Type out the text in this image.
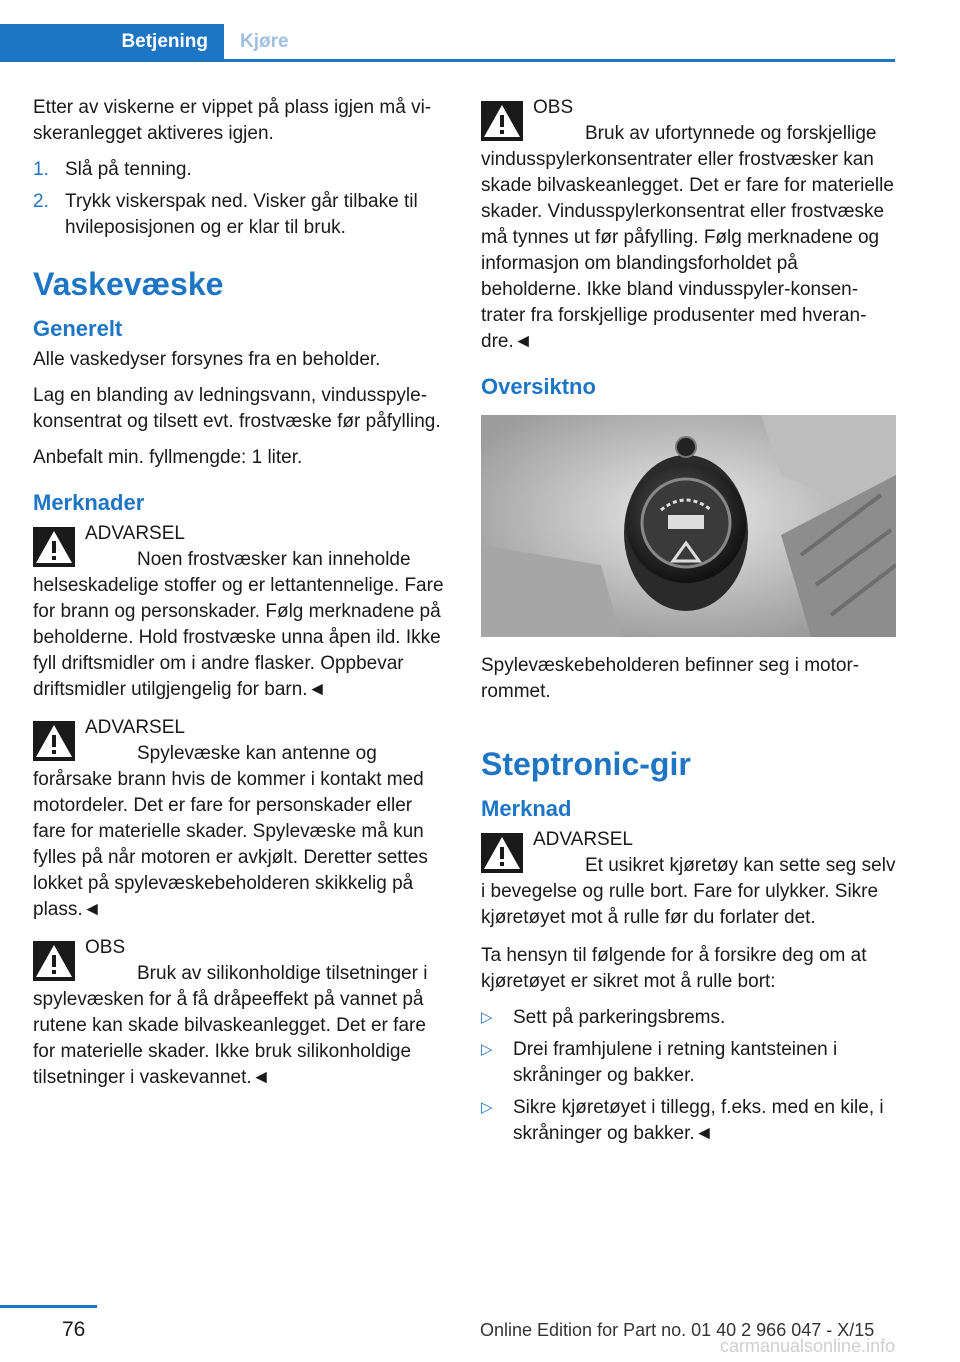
Betjening	Kjøre

Etter av viskerne er vippet på plass igjen må viskeranlegget aktiveres igjen.

1. Slå på tenning.
2. Trykk viskerspak ned. Visker går tilbake til hvileposisjonen og er klar til bruk.
Vaskevæske
Generelt

Alle vaskedyser forsynes fra en beholder.

Lag en blanding av ledningsvann, vindusspylekonsentrat og tilsett evt. frostvæske før påfylling.

Anbefalt min. fyllmengde: 1 liter.

Merknader
ADVARSEL
Noen frostvæsker kan inneholde helseskadelige stoffer og er lettantennelige. Fare for brann og personskader. Følg merknadene på beholderne. Hold frostvæske unna åpen ild. Ikke fyll driftsmidler om i andre flasker. Oppbevar driftsmidler utilgjengelig for barn.◄
ADVARSEL
Spylevæske kan antenne og forårsake brann hvis de kommer i kontakt med motordeler. Det er fare for personskader eller fare for materielle skader. Spylevæske må kun fylles på når motoren er avkjølt. Deretter settes lokket på spylevæskebeholderen skikkelig på plass.◄
OBS
Bruk av silikonholdige tilsetninger i spylevæsken for å få dråpeeffekt på vannet på rutene kan skade bilvaskeanlegget. Det er fare for materielle skader. Ikke bruk silikonholdige tilsetninger i vaskevannet.◄
OBS
Bruk av ufortynnede og forskjellige vindusspylerkonsentrater eller frostvæsker kan skade bilvaskeanlegget. Det er fare for materielle skader. Vindusspylerkonsentrat eller frostvæske må tynnes ut før påfylling. Følg merknadene og informasjon om blandingsforholdet på beholderne. Ikke bland vindusspyler-konsentrater fra forskjellige produsenter med hverandre.◄
Oversiktno

Spylevæskebeholderen befinner seg i motorrommet.

Steptronic-gir
Merknad
ADVARSEL
Et usikret kjøretøy kan sette seg selv i bevegelse og rulle bort. Fare for ulykker. Sikre kjøretøyet mot å rulle før du forlater det.

Ta hensyn til følgende for å forsikre deg om at kjøretøyet er sikret mot å rulle bort:

▷ Sett på parkeringsbrems.
▷ Drei framhjulene i retning kantsteinen i skråninger og bakker.
▷ Sikre kjøretøyet i tillegg, f.eks. med en kile, i skråninger og bakker.◄
76	Online Edition for Part no. 01 40 2 966 047 - X/15
carmanualsonline.info
